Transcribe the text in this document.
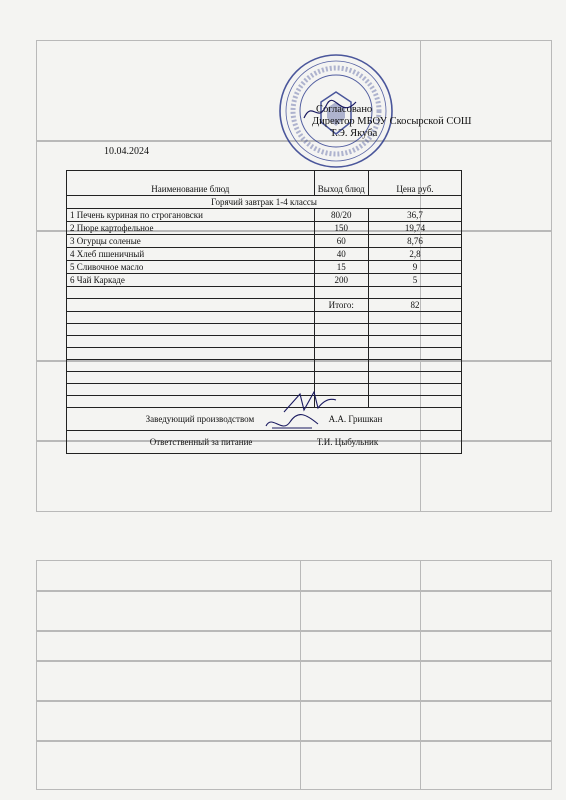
Согласовано
Директор МБОУ Скосырской СОШ
Т.Э. Якуба
10.04.2024
Наименование блюд	Выход блюд	Цена руб.
Горячий завтрак 1-4 классы		
1 Печень куриная по строгановски	80/20	36,7
2 Пюре картофельное	150	19,74
3 Огурцы соленые	60	8,76
4 Хлеб пшеничный	40	2,8
5 Сливочное масло	15	9
6 Чай Каркаде	200	5

	Итого:	82

Заведующий производством А.А. Гришкан		
Ответственный за питание Т.И. Цыбульник		
